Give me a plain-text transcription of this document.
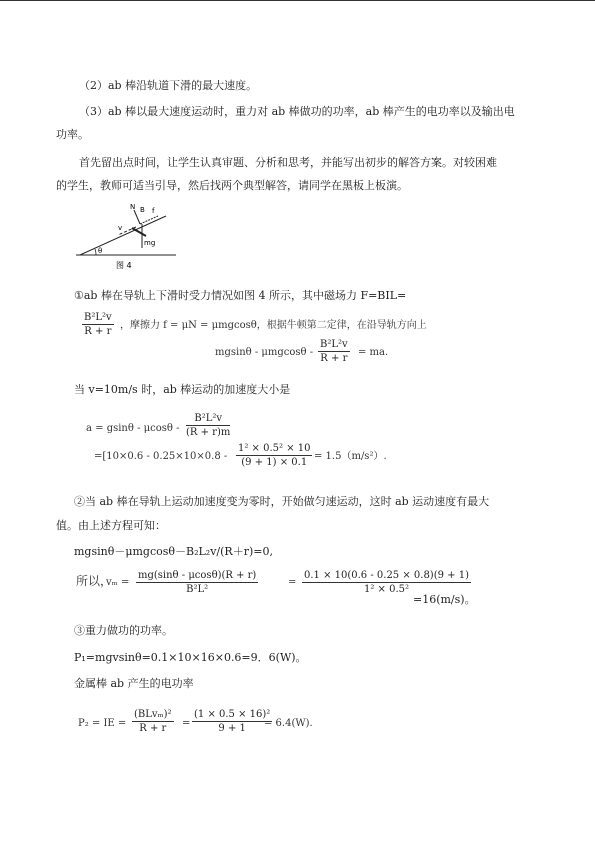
（2）ab 棒沿轨道下滑的最大速度。
（3）ab 棒以最大速度运动时，重力对 ab 棒做功的功率，ab 棒产生的电功率以及输出电
功率。
首先留出点时间，让学生认真审题、分析和思考，并能写出初步的解答方案。对较困难
的学生，教师可适当引导，然后找两个典型解答，请同学在黑板上板演。
N B f
v
mg
θ
图 4
①ab 棒在导轨上下滑时受力情况如图 4 所示，其中磁场力 F=BIL=
$\frac{\text{B²L²v}}{R + r}$ ，摩擦力 f = μN = μmgcosθ，根据牛顿第二定律，在沿导轨方向上
mgsinθ - μmgcosθ - $\frac{\text{B²L²v}}{R + r}$ = ma.
当 v=10m/s 时，ab 棒运动的加速度大小是
$a = gsin\theta - \mu\cos\theta - \frac{\text{B²L²v}}{(R + r)m}$
$=[10\times 0.6 - 0.25\times 10\times 0.8 - \frac{\text{1² × 0.5² × 10}}{(9 + 1) \times 0.1} = 1.5(m/s^2)$.
②当 ab 棒在导轨上运动加速度变为零时，开始做匀速运动，这时 ab 运动速度有最大
值。由上述方程可知：
mgsinθ－μmgcosθ－B₂L₂v/(R＋r)=0,
所以，
$v_m = \frac{mg(\sin\theta - \mu\cos\theta)(R + r)}{\text{B²L²}}$	= $\frac{0.1 \times 10(0.6 - 0.25 \times 0.8)(9 + 1)}{\text{1² × 0.5²}}$
=16(m/s)。
③重力做功的功率。
P₁=mgvsinθ=0.1×10×16×0.6=9．6(W)。
金属棒 ab 产生的电功率
P₂ = IE =
(BLvₘ)²
R + r	= $\frac{\text{(1 × 0.5 × 16)²}}{9 + 1}$
= 6.4(W).
